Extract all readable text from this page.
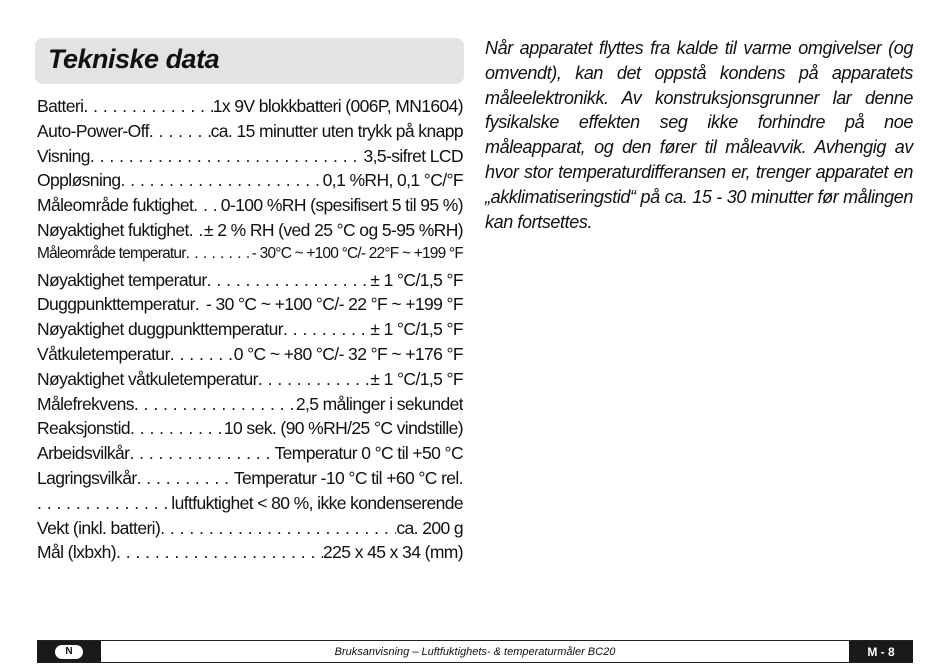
Tekniske data
Batteri . . .	1x 9V blokkbatteri (006P, MN1604)
Auto-Power-Off . . .	ca. 15 minutter uten trykk på knapp
Visning . . .	3,5-sifret LCD
Oppløsning . . .	0,1 %RH, 0,1 °C/°F
Måleområde fuktighet . . . 0-100 %RH (spesifisert 5 til 95 %)
Nøyaktighet fuktighet . . . ± 2 % RH (ved 25 °C og 5-95 %RH)
Måleområde temperatur . . .	- 30°C ~ +100 °C/- 22°F ~ +199 °F
Nøyaktighet temperatur . . .	± 1 °C/1,5 °F
Duggpunkttemperatur . . . - 30 °C ~ +100 °C/- 22 °F ~ +199 °F
Nøyaktighet duggpunkttemperatur . . .	± 1 °C/1,5 °F
Våtkuletemperatur . . .	0 °C ~ +80 °C/- 32 °F ~ +176 °F
Nøyaktighet våtkuletemperatur . . .	± 1 °C/1,5 °F
Målefrekvens . . .	2,5 målinger i sekundet
Reaksjonstid . . .	10 sek. (90 %RH/25 °C vindstille)
Arbeidsvilkår . . .	Temperatur 0 °C til +50 °C
Lagringsvilkår . . .	Temperatur -10 °C til +60 °C rel.
. . .
luftfuktighet < 80 %, ikke kondenserende
Vekt (inkl. batteri) . . .	ca. 200 g
Mål (lxbxh) . . .	225 x 45 x 34 (mm)
Når apparatet flyttes fra kalde til varme omgivelser (og omvendt), kan det oppstå kondens på apparatets måleelektronikk. Av konstruksjonsgrunner lar denne fysikalske effekten seg ikke forhindre på noe måleapparat, og den fører til måleavvik. Avhengig av hvor stor temperaturdifferansen er, trenger apparatet en „akklimatiseringstid“ på ca. 15 - 30 minutter før målingen kan fortsettes.
N	Bruksanvisning – Luftfuktighets- & temperaturmåler BC20	M - 8
